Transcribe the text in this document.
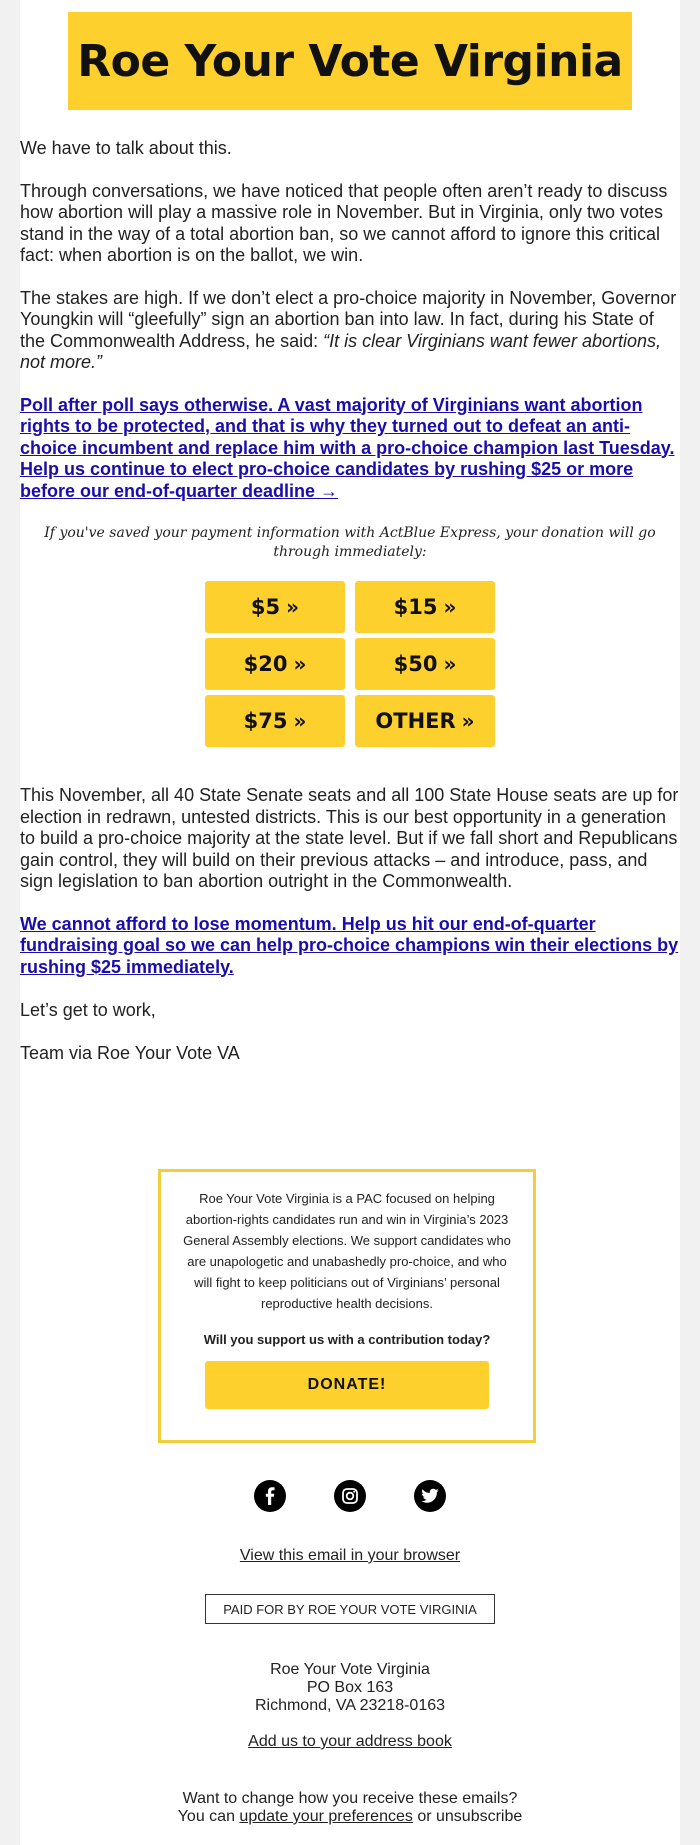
Roe Your Vote Virginia

We have to talk about this.

Through conversations, we have noticed that people often aren’t ready to discuss how abortion will play a massive role in November. But in Virginia, only two votes stand in the way of a total abortion ban, so we cannot afford to ignore this critical fact: when abortion is on the ballot, we win.

The stakes are high. If we don’t elect a pro-choice majority in November, Governor Youngkin will “gleefully” sign an abortion ban into law. In fact, during his State of the Commonwealth Address, he said: “It is clear Virginians want fewer abortions, not more.”

Poll after poll says otherwise. A vast majority of Virginians want abortion rights to be protected, and that is why they turned out to defeat an anti-choice incumbent and replace him with a pro-choice champion last Tuesday. Help us continue to elect pro-choice candidates by rushing $25 or more before our end-of-quarter deadline →

If you've saved your payment information with ActBlue Express, your donation will go through immediately:

$5 »	$15 »
$20 »	$50 »
$75 »	OTHER »

This November, all 40 State Senate seats and all 100 State House seats are up for election in redrawn, untested districts. This is our best opportunity in a generation to build a pro-choice majority at the state level. But if we fall short and Republicans gain control, they will build on their previous attacks – and introduce, pass, and sign legislation to ban abortion outright in the Commonwealth.

We cannot afford to lose momentum. Help us hit our end-of-quarter fundraising goal so we can help pro-choice champions win their elections by rushing $25 immediately.

Let’s get to work,

Team via Roe Your Vote VA

Roe Your Vote Virginia is a PAC focused on helping abortion-rights candidates run and win in Virginia’s 2023 General Assembly elections. We support candidates who are unapologetic and unabashedly pro-choice, and who will fight to keep politicians out of Virginians’ personal reproductive health decisions.

Will you support us with a contribution today?

DONATE!
View this email in your browser
PAID FOR BY ROE YOUR VOTE VIRGINIA
Roe Your Vote Virginia
PO Box 163
Richmond, VA 23218-0163
Add us to your address book
Want to change how you receive these emails?
You can update your preferences or unsubscribe
